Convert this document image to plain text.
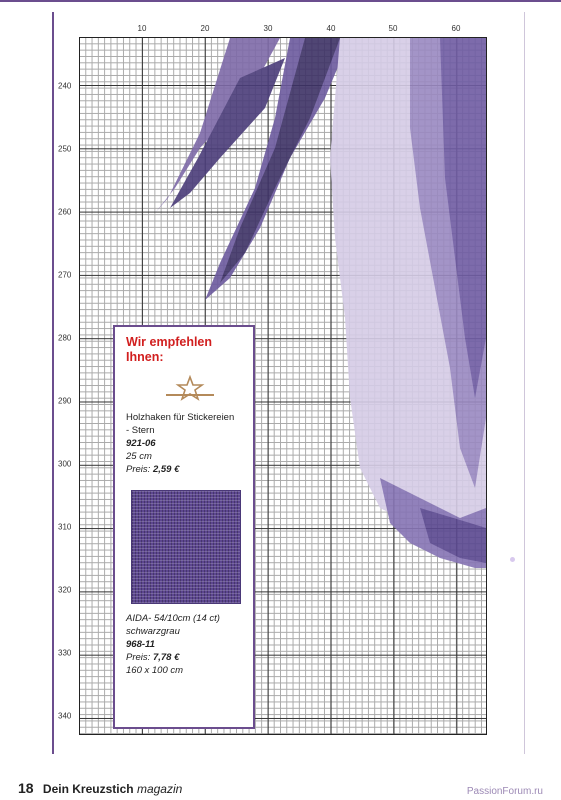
10	20	30	40	50	60
240
250
260
270
280
290
300
310
320
330
340

Wir empfehlen
Ihnen:

Holzhaken für Stickereien

- Stern

921-06

25 cm

Preis: 2,59 €

AIDA- 54/10cm (14 ct)

schwarzgrau

968-11

Preis: 7,78 €

160 x 100 cm

18 Dein Kreuzstich magazin	PassionForum.ru
